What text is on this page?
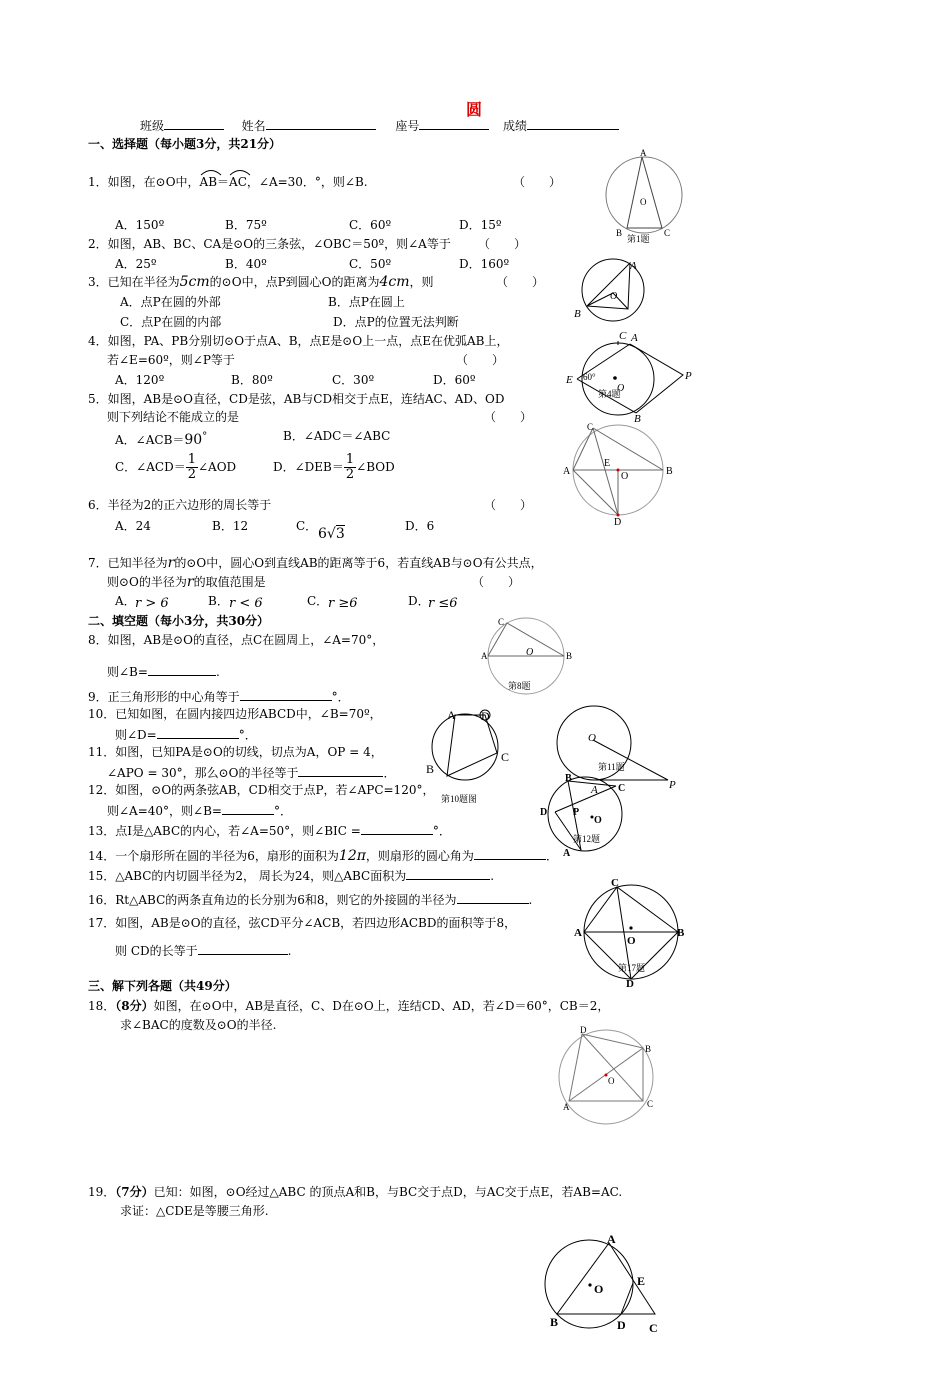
圆
班级	姓名	座号	成绩
一、选择题（每小题3分，共21分）
1．如图，在⊙O中，
AB＝
AC，∠A=30．°，则∠B.	（　　）
A．150º	B．75º	C．60º	D．15º
2．如图，AB、BC、CA是⊙O的三条弦，∠OBC＝50º，则∠A等于 （　　）
A．25º	B．40º	C．50º	D．160º
3．已知在半径为5cm的⊙O中，点P到圆心O的距离为4cm，则	（　　）
A．点P在圆的外部	B．点P在圆上
C．点P在圆的内部	D．点P的位置无法判断
4．如图，PA、PB分别切⊙O于点A、B，点E是⊙O上一点，点E在优弧AB上，
若∠E=60º，则∠P等于	（　　）
A．120º	B．80º	C．30º	D．60º
5．如图，AB是⊙O直径，CD是弦，AB与CD相交于点E，连结AC、AD、OD
则下列结论不能成立的是	（　　）
A．∠ACB＝90°	B．∠ADC＝∠ABC
C．∠ACD＝ $\frac{1}{2}$ ∠AOD	D．∠DEB＝ $\frac{1}{2}$ ∠BOD
6．半径为2的正六边形的周长等于	（　　）
A．24	B．12	C． 6√3	D．6
7．已知半径为r的⊙O中，圆心O到直线AB的距离等于6，若直线AB与⊙O有公共点，
则⊙O的半径为r的取值范围是	（　　）
A． r > 6	B． r < 6	C． r ≥6	D．
r ≤6
二、填空题（每小3分，共30分）
8．如图，AB是⊙O的直径，点C在圆周上，∠A=70°，
则∠B=	.
9．正三角形形的中心角等于	°．
10．已知如图，在圆内接四边形ABCD中，∠B=70º，
则∠D=	°．
11．如图，已知PA是⊙O的切线，切点为A，OP = 4，
∠APO = 30°，那么⊙O的半径等于	．
12．如图，⊙O的两条弦AB，CD相交于点P，若∠APC=120°，
则∠A=40°，则∠B=	°．
13．点I是△ABC的内心，若∠A=50°，则∠BIC =	°．
14．一个扇形所在圆的半径为6，扇形的面积为12π，则扇形的圆心角为	．
15．△ABC的内切圆半径为2， 周长为24，则△ABC面积为	.
16．Rt△ABC的两条直角边的长分别为6和8，则它的外接圆的半径为	.
17．如图，AB是⊙O的直径，弦CD平分∠ACB，若四边形ACBD的面积等于8，
则 CD的长等于	.
三、解下列各题（共49分）
18．（8分）如图，在⊙O中，AB是直径，C、D在⊙O上，连结CD、AD，若∠D＝60°，CB＝2，
求∠BAC的度数及⊙O的半径.
19．（7分）已知：如图，⊙O经过△ABC 的顶点A和B，与BC交于点D，与AC交于点E，若AB=AC.
求证：△CDE是等腰三角形.
A
B	C
O
第1题
A
B
O
C A
E 60°
O
P
第4题
B
C
A	B
E
O
D
C
A	B
O
第8题
A D
C
B
第10题图
O
第11题
A	P
B
C
D	P
O
第12题
A
C
A	B
O
第17题
D
D
B
O
A	C
A
E
O
B	D C
